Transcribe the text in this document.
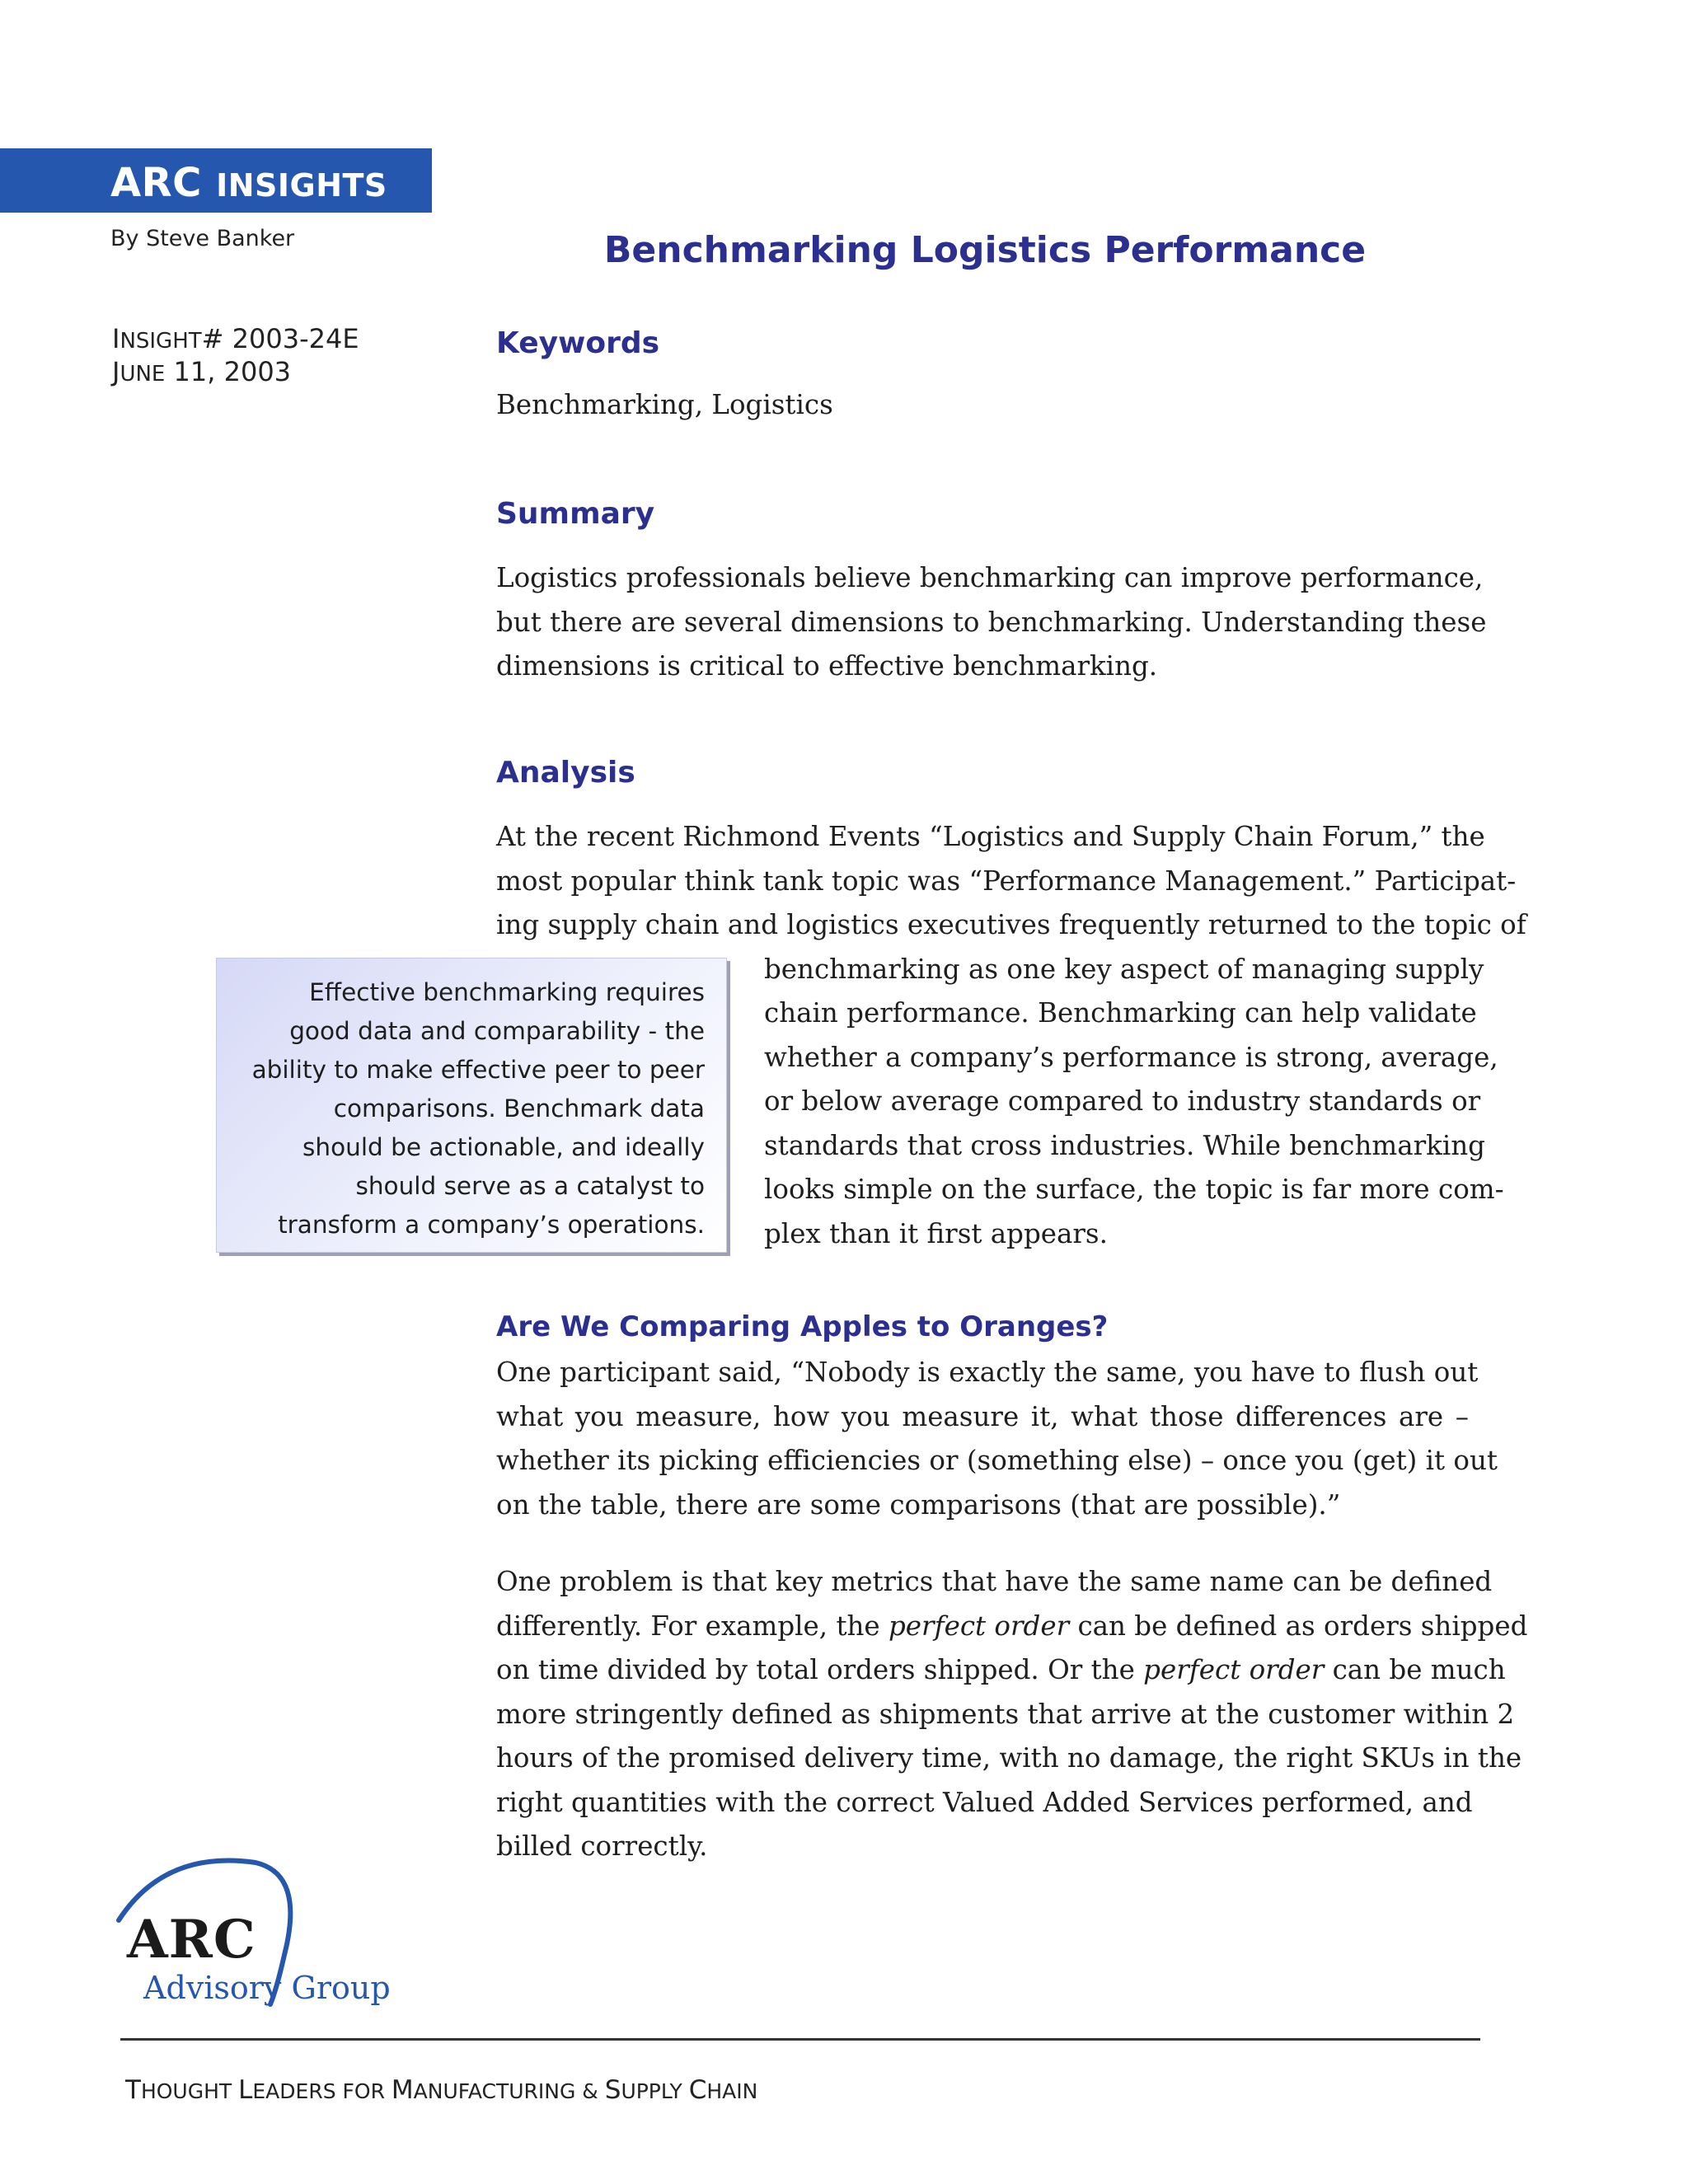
ARC INSIGHTS
By Steve Banker	Benchmarking Logistics Performance
INSIGHT# 2003-24E
JUNE 11, 2003
Keywords
Benchmarking, Logistics
Summary
Logistics professionals believe benchmarking can improve performance,
but there are several dimensions to benchmarking. Understanding these
dimensions is critical to effective benchmarking.
Analysis
At the recent Richmond Events “Logistics and Supply Chain Forum,” the
most popular think tank topic was “Performance Management.” Participat-
ing supply chain and logistics executives frequently returned to the topic of
benchmarking as one key aspect of managing supply
chain performance. Benchmarking can help validate
whether a company’s performance is strong, average,
or below average compared to industry standards or
standards that cross industries. While benchmarking
looks simple on the surface, the topic is far more com-
plex than it first appears.
Effective benchmarking requires
good data and comparability - the
ability to make effective peer to peer
comparisons. Benchmark data
should be actionable, and ideally
should serve as a catalyst to
transform a company’s operations.
Are We Comparing Apples to Oranges?
One participant said, “Nobody is exactly the same, you have to flush out
what you measure, how you measure it, what those differences are –
whether its picking efficiencies or (something else) – once you (get) it out
on the table, there are some comparisons (that are possible).”
One problem is that key metrics that have the same name can be defined
differently. For example, the perfect order can be defined as orders shipped
on time divided by total orders shipped. Or the perfect order can be much
more stringently defined as shipments that arrive at the customer within 2
hours of the promised delivery time, with no damage, the right SKUs in the
right quantities with the correct Valued Added Services performed, and
billed correctly.
ARC
Advisory Group
THOUGHT LEADERS FOR MANUFACTURING & SUPPLY CHAIN
